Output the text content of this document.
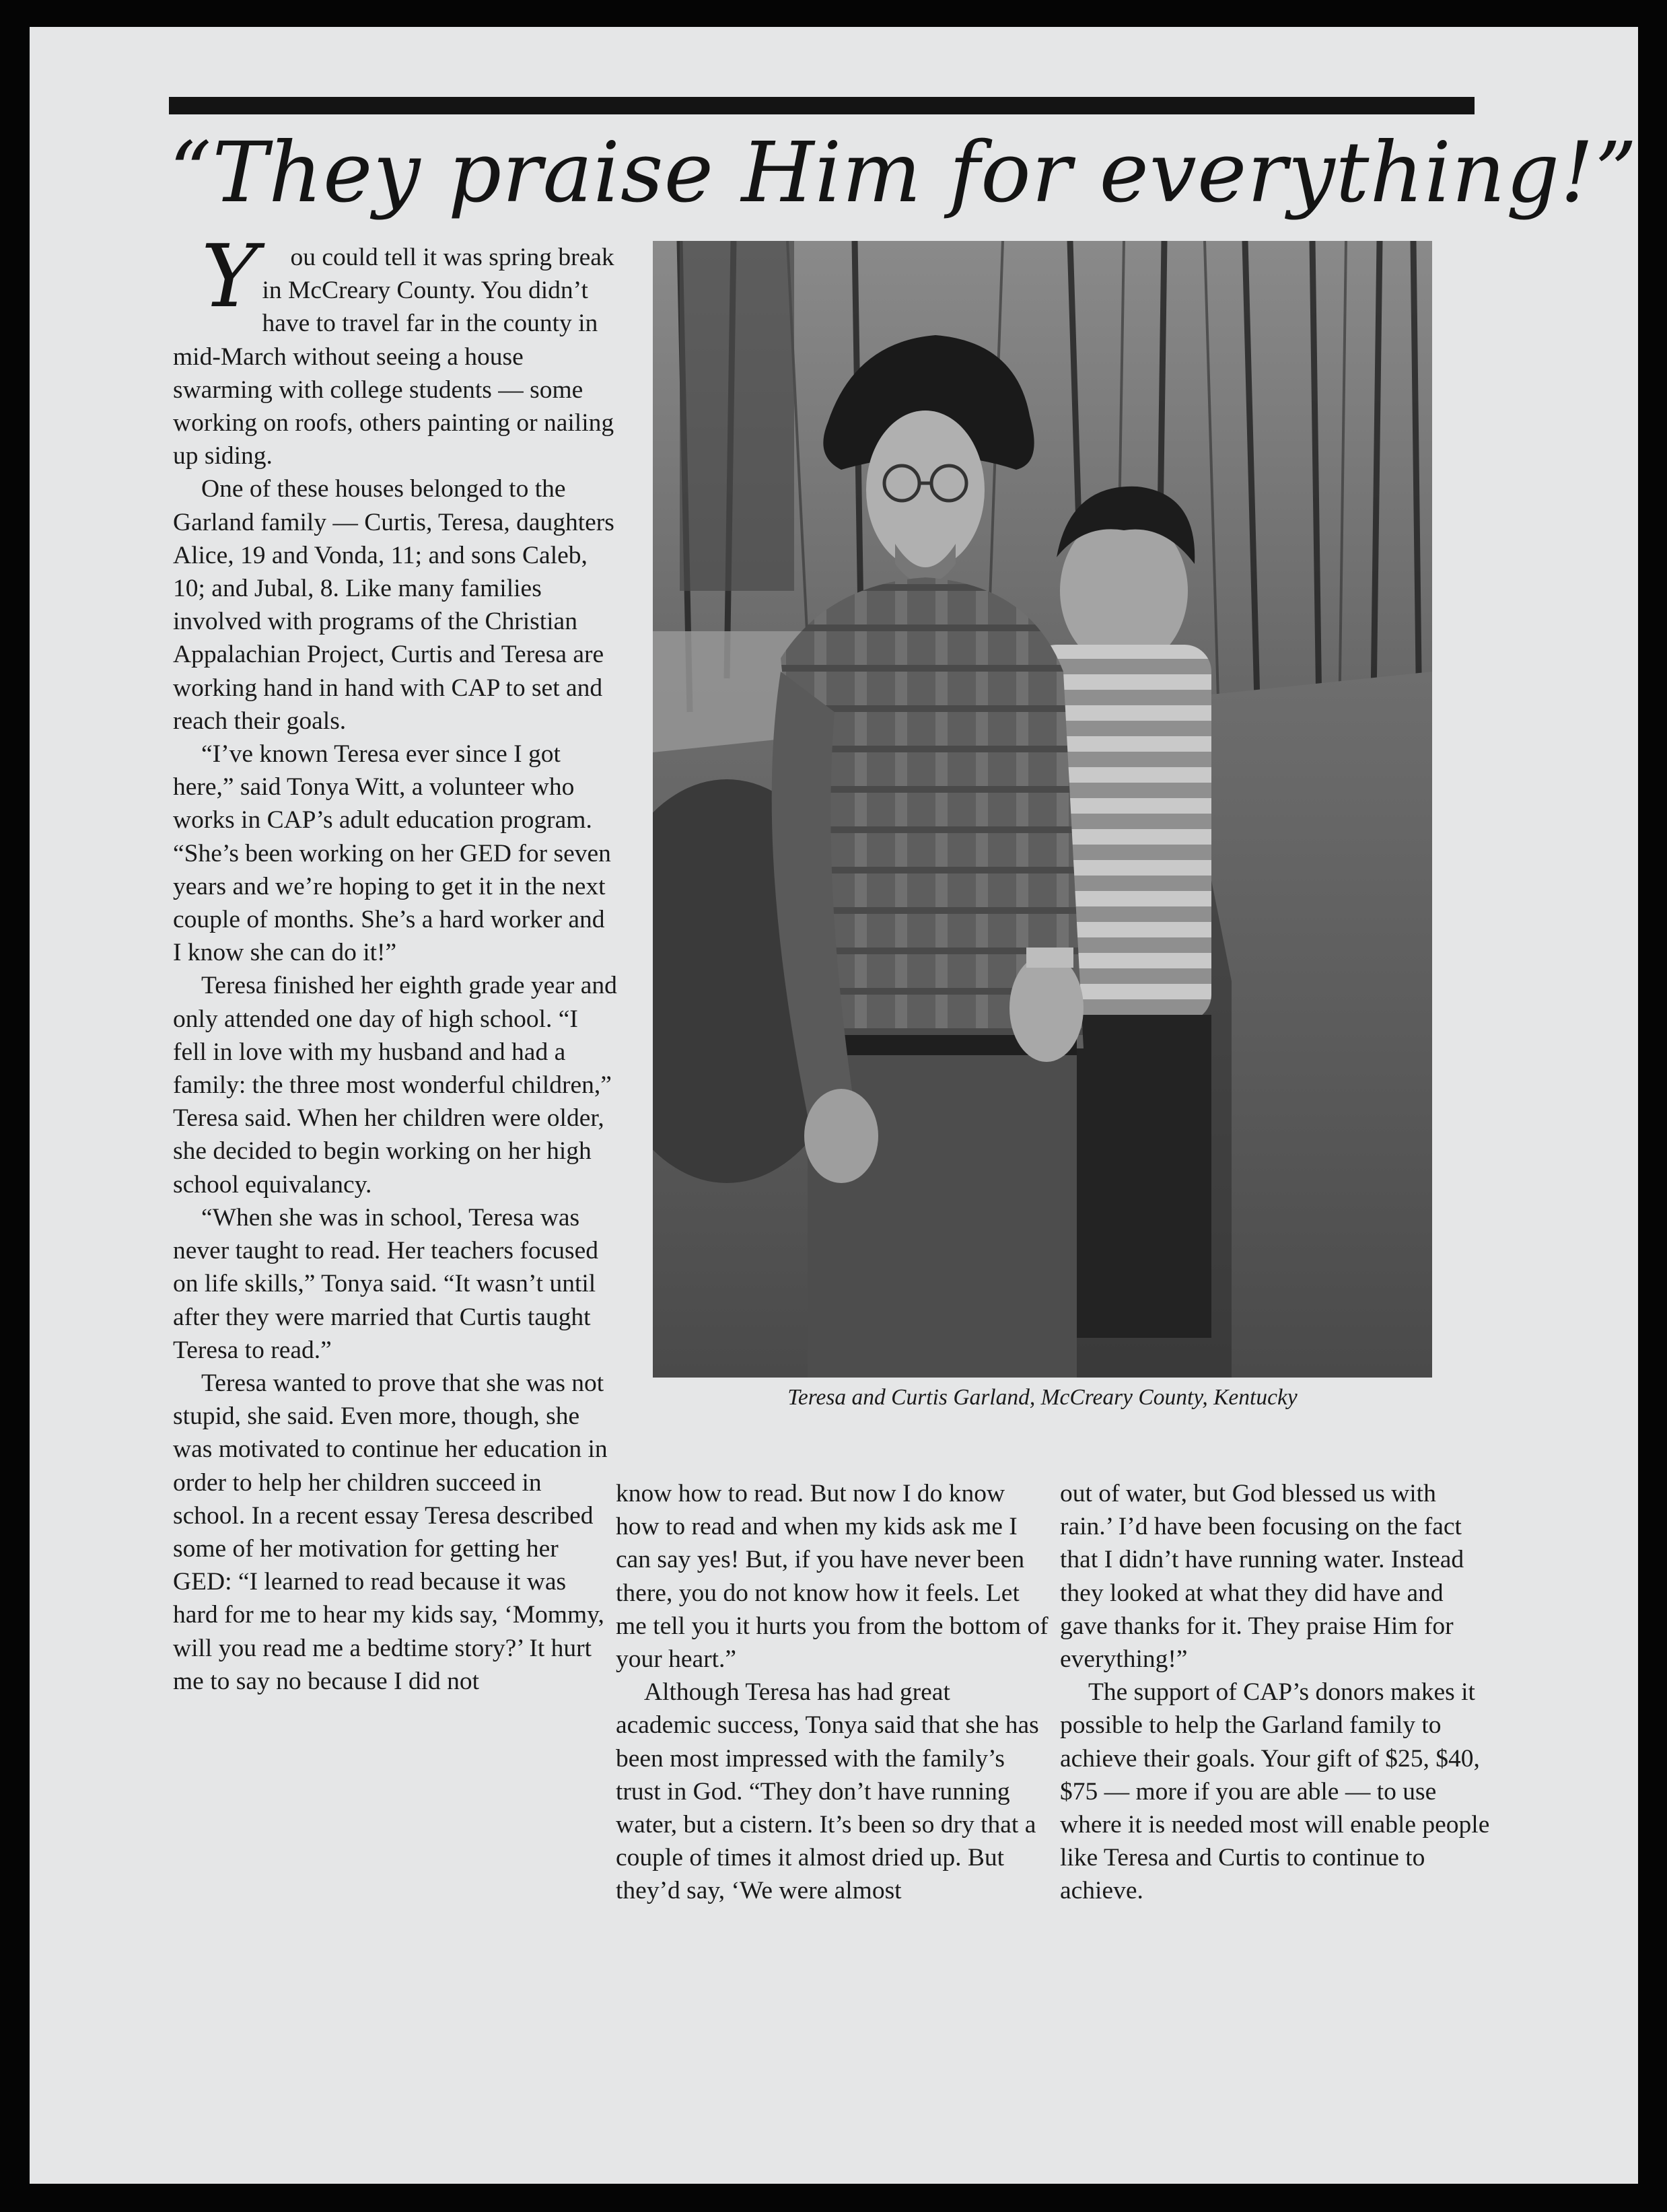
“They praise Him for everything!”

Y ou could tell it was spring break in McCreary County. You didn’t have to travel far in the county in mid-March without seeing a house swarming with college students — some working on roofs, others painting or nailing up siding.

One of these houses belonged to the Garland family — Curtis, Teresa, daughters Alice, 19 and Vonda, 11; and sons Caleb, 10; and Jubal, 8. Like many families involved with programs of the Christian Appalachian Project, Curtis and Teresa are working hand in hand with CAP to set and reach their goals.

“I’ve known Teresa ever since I got here,” said Tonya Witt, a volunteer who works in CAP’s adult education program. “She’s been working on her GED for seven years and we’re hoping to get it in the next couple of months. She’s a hard worker and I know she can do it!”

Teresa finished her eighth grade year and only attended one day of high school. “I fell in love with my husband and had a family: the three most wonderful children,” Teresa said. When her children were older, she decided to begin working on her high school equivalancy.

“When she was in school, Teresa was never taught to read. Her teachers focused on life skills,” Tonya said. “It wasn’t until after they were married that Curtis taught Teresa to read.”

Teresa wanted to prove that she was not stupid, she said. Even more, though, she was motivated to continue her education in order to help her children succeed in school. In a recent essay Teresa described some of her motivation for getting her GED: “I learned to read because it was hard for me to hear my kids say, ‘Mommy, will you read me a bedtime story?’ It hurt me to say no because I did not

Teresa and Curtis Garland, McCreary County, Kentucky

know how to read. But now I do know how to read and when my kids ask me I can say yes! But, if you have never been there, you do not know how it feels. Let me tell you it hurts you from the bottom of your heart.”

Although Teresa has had great academic success, Tonya said that she has been most impressed with the family’s trust in God. “They don’t have running water, but a cistern. It’s been so dry that a couple of times it almost dried up. But they’d say, ‘We were almost

out of water, but God blessed us with rain.’ I’d have been focusing on the fact that I didn’t have running water. Instead they looked at what they did have and gave thanks for it. They praise Him for everything!”

The support of CAP’s donors makes it possible to help the Garland family to achieve their goals. Your gift of $25, $40, $75 — more if you are able — to use where it is needed most will enable people like Teresa and Curtis to continue to achieve.
